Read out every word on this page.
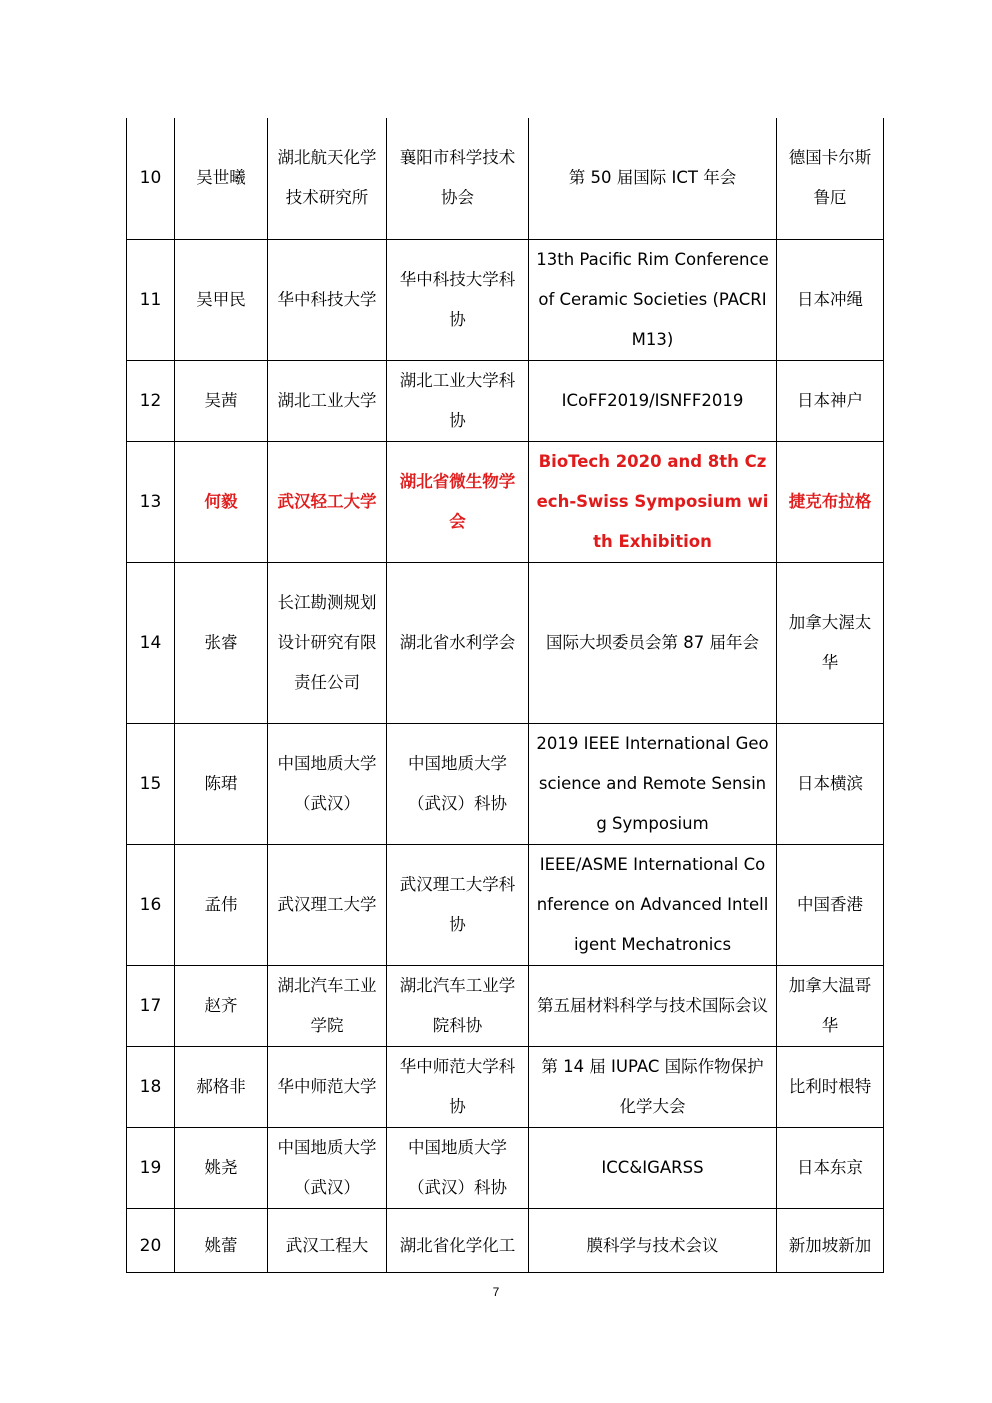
10	吴世曦	湖北航天化学技术研究所	襄阳市科学技术协会	第 50 届国际 ICT 年会	德国卡尔斯鲁厄
11	吴甲民	华中科技大学	华中科技大学科协	13th Pacific Rim Conference of Ceramic Societies (PACRIM13)	日本冲绳
12	吴茜	湖北工业大学	湖北工业大学科协	ICoFF2019/ISNFF2019	日本神户
13	何毅	武汉轻工大学	湖北省微生物学会	BioTech 2020 and 8th Czech-Swiss Symposium with Exhibition	捷克布拉格
14	张睿	长江勘测规划设计研究有限责任公司	湖北省水利学会	国际大坝委员会第 87 届年会	加拿大渥太华
15	陈珺	中国地质大学（武汉）	中国地质大学（武汉）科协	2019 IEEE International Geoscience and Remote Sensing Symposium	日本横滨
16	孟伟	武汉理工大学	武汉理工大学科协	IEEE/ASME International Conference on Advanced Intelligent Mechatronics	中国香港
17	赵齐	湖北汽车工业学院	湖北汽车工业学院科协	第五届材料科学与技术国际会议	加拿大温哥华
18	郝格非	华中师范大学	华中师范大学科协	第 14 届 IUPAC 国际作物保护化学大会	比利时根特
19	姚尧	中国地质大学（武汉）	中国地质大学（武汉）科协	ICC&IGARSS	日本东京
20	姚蕾	武汉工程大	湖北省化学化工	膜科学与技术会议	新加坡新加
7
